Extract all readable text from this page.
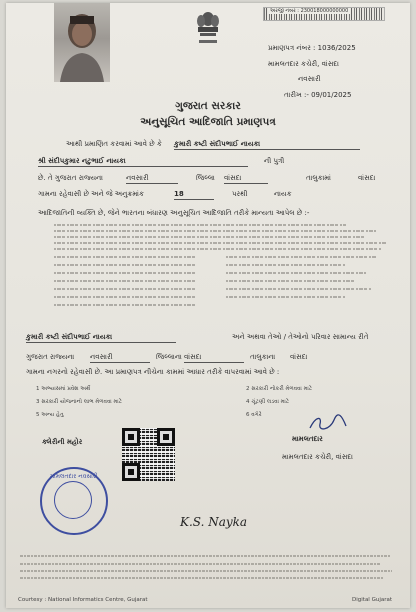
અરજી નંબર : 230018000000000
પ્રમાણપત્ર નંબર : 1036/2025
મામલતદાર કચેરી, વાંસદા
નવસારી
તારીખ :- 09/01/2025
ગુજરાત સરકાર
અનુસૂચિત આદિજાતિ પ્રમાણપત્ર
આથી પ્રમાણિત કરવામાં આવે છે કે કુમારી કષ્ટી સંદીપભાઈ નાયકા
શ્રી સંદીપકુમાર નટુભાઈ નાયકા	ની પુત્રી
છે. તે ગુજરાત રાજ્યના	નવસારી	જિલ્લા વાંસદા	તાલુકામાં	વાંસદા
ગામના રહેવાસી છે અને જે અનુક્રમાંક	18	પરથી	નાયક
આદિજાતિની વ્યક્તિ છે, જેને ભારતના બંધારણ અનુસૂચિત આદિજાતિ તરીકે માન્યતા આપેલ છે :-
કુમારી કષ્ટી સંદીપભાઈ નાયકા	અને અથવા તેઓ / તેઓનો પરિવાર સામાન્ય રીતે
ગુજરાત રાજ્યના નવસારી	જિલ્લાના વાંસદા	તાલુકાના વાંસદા
ગામના નગરનો રહેવાસી છે. આ પ્રમાણપત્ર નીચેના કામમાં આધાર તરીકે વાપરવામાં આવે છે :
1 અભ્યાસમાં પ્રવેશ અર્થે	2 સરકારી નોકરી મેળવવા માટે
3 સરકારી યોજનાનો લાભ મેળવવા માટે	4 ચૂંટણી લડવા માટે
5 અન્ય હેતુ	6 વગેરે
ક્લેરીની મહોર	મામલતદાર
મામલતદાર કચેરી, વાંસદા
મામલતદાર નવસારી
K.S. Nayka
Courtesy : National Informatics Centre, Gujarat	Digital Gujarat
